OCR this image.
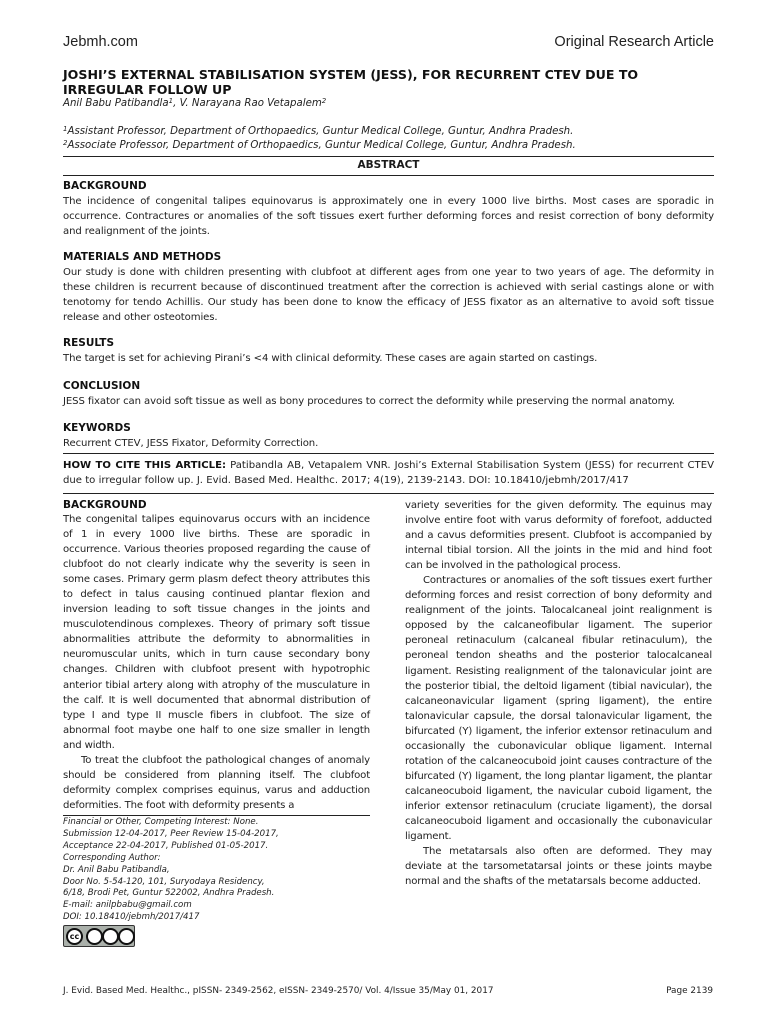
Jebmh.com	Original Research Article
JOSHI’S EXTERNAL STABILISATION SYSTEM (JESS), FOR RECURRENT CTEV DUE TO IRREGULAR FOLLOW UP
Anil Babu Patibandla$^1$, V. Narayana Rao Vetapalem$^2$
$^1$Assistant Professor, Department of Orthopaedics, Guntur Medical College, Guntur, Andhra Pradesh.
$^2$Associate Professor, Department of Orthopaedics, Guntur Medical College, Guntur, Andhra Pradesh.
ABSTRACT
BACKGROUND

The incidence of congenital talipes equinovarus is approximately one in every 1000 live births. Most cases are sporadic in occurrence. Contractures or anomalies of the soft tissues exert further deforming forces and resist correction of bony deformity and realignment of the joints.

MATERIALS AND METHODS

Our study is done with children presenting with clubfoot at different ages from one year to two years of age. The deformity in these children is recurrent because of discontinued treatment after the correction is achieved with serial castings alone or with tenotomy for tendo Achillis. Our study has been done to know the efficacy of JESS fixator as an alternative to avoid soft tissue release and other osteotomies.

RESULTS

The target is set for achieving Pirani’s <4 with clinical deformity. These cases are again started on castings.

CONCLUSION

JESS fixator can avoid soft tissue as well as bony procedures to correct the deformity while preserving the normal anatomy.

KEYWORDS

Recurrent CTEV, JESS Fixator, Deformity Correction.

HOW TO CITE THIS ARTICLE: Patibandla AB, Vetapalem VNR. Joshi’s External Stabilisation System (JESS) for recurrent CTEV due to irregular follow up. J. Evid. Based Med. Healthc. 2017; 4(19), 2139-2143. DOI: 10.18410/jebmh/2017/417
BACKGROUND

The congenital talipes equinovarus occurs with an incidence of 1 in every 1000 live births. These are sporadic in occurrence. Various theories proposed regarding the cause of clubfoot do not clearly indicate why the severity is seen in some cases. Primary germ plasm defect theory attributes this to defect in talus causing continued plantar flexion and inversion leading to soft tissue changes in the joints and musculotendinous complexes. Theory of primary soft tissue abnormalities attribute the deformity to abnormalities in neuromuscular units, which in turn cause secondary bony changes. Children with clubfoot present with hypotrophic anterior tibial artery along with atrophy of the musculature in the calf. It is well documented that abnormal distribution of type I and type II muscle fibers in clubfoot. The size of abnormal foot maybe one half to one size smaller in length and width.

To treat the clubfoot the pathological changes of anomaly should be considered from planning itself. The clubfoot deformity complex comprises equinus, varus and adduction deformities. The foot with deformity presents a

variety severities for the given deformity. The equinus may involve entire foot with varus deformity of forefoot, adducted and a cavus deformities present. Clubfoot is accompanied by internal tibial torsion. All the joints in the mid and hind foot can be involved in the pathological process.

Contractures or anomalies of the soft tissues exert further deforming forces and resist correction of bony deformity and realignment of the joints. Talocalcaneal joint realignment is opposed by the calcaneofibular ligament. The superior peroneal retinaculum (calcaneal fibular retinaculum), the peroneal tendon sheaths and the posterior talocalcaneal ligament. Resisting realignment of the talonavicular joint are the posterior tibial, the deltoid ligament (tibial navicular), the calcaneonavicular ligament (spring ligament), the entire talonavicular capsule, the dorsal talonavicular ligament, the bifurcated (Y) ligament, the inferior extensor retinaculum and occasionally the cubonavicular oblique ligament. Internal rotation of the calcaneocuboid joint causes contracture of the bifurcated (Y) ligament, the long plantar ligament, the plantar calcaneocuboid ligament, the navicular cuboid ligament, the inferior extensor retinaculum (cruciate ligament), the dorsal calcaneocuboid ligament and occasionally the cubonavicular ligament.

The metatarsals also often are deformed. They may deviate at the tarsometatarsal joints or these joints maybe normal and the shafts of the metatarsals become adducted.

Financial or Other, Competing Interest: None.
Submission 12-04-2017, Peer Review 15-04-2017,
Acceptance 22-04-2017, Published 01-05-2017.
Corresponding Author:
Dr. Anil Babu Patibandla,
Door No. 5-54-120, 101, Suryodaya Residency,
6/18, Brodi Pet, Guntur 522002, Andhra Pradesh.
E-mail: anilpbabu@gmail.com
DOI: 10.18410/jebmh/2017/417
cc
J. Evid. Based Med. Healthc., pISSN- 2349-2562, eISSN- 2349-2570/ Vol. 4/Issue 35/May 01, 2017	Page 2139
